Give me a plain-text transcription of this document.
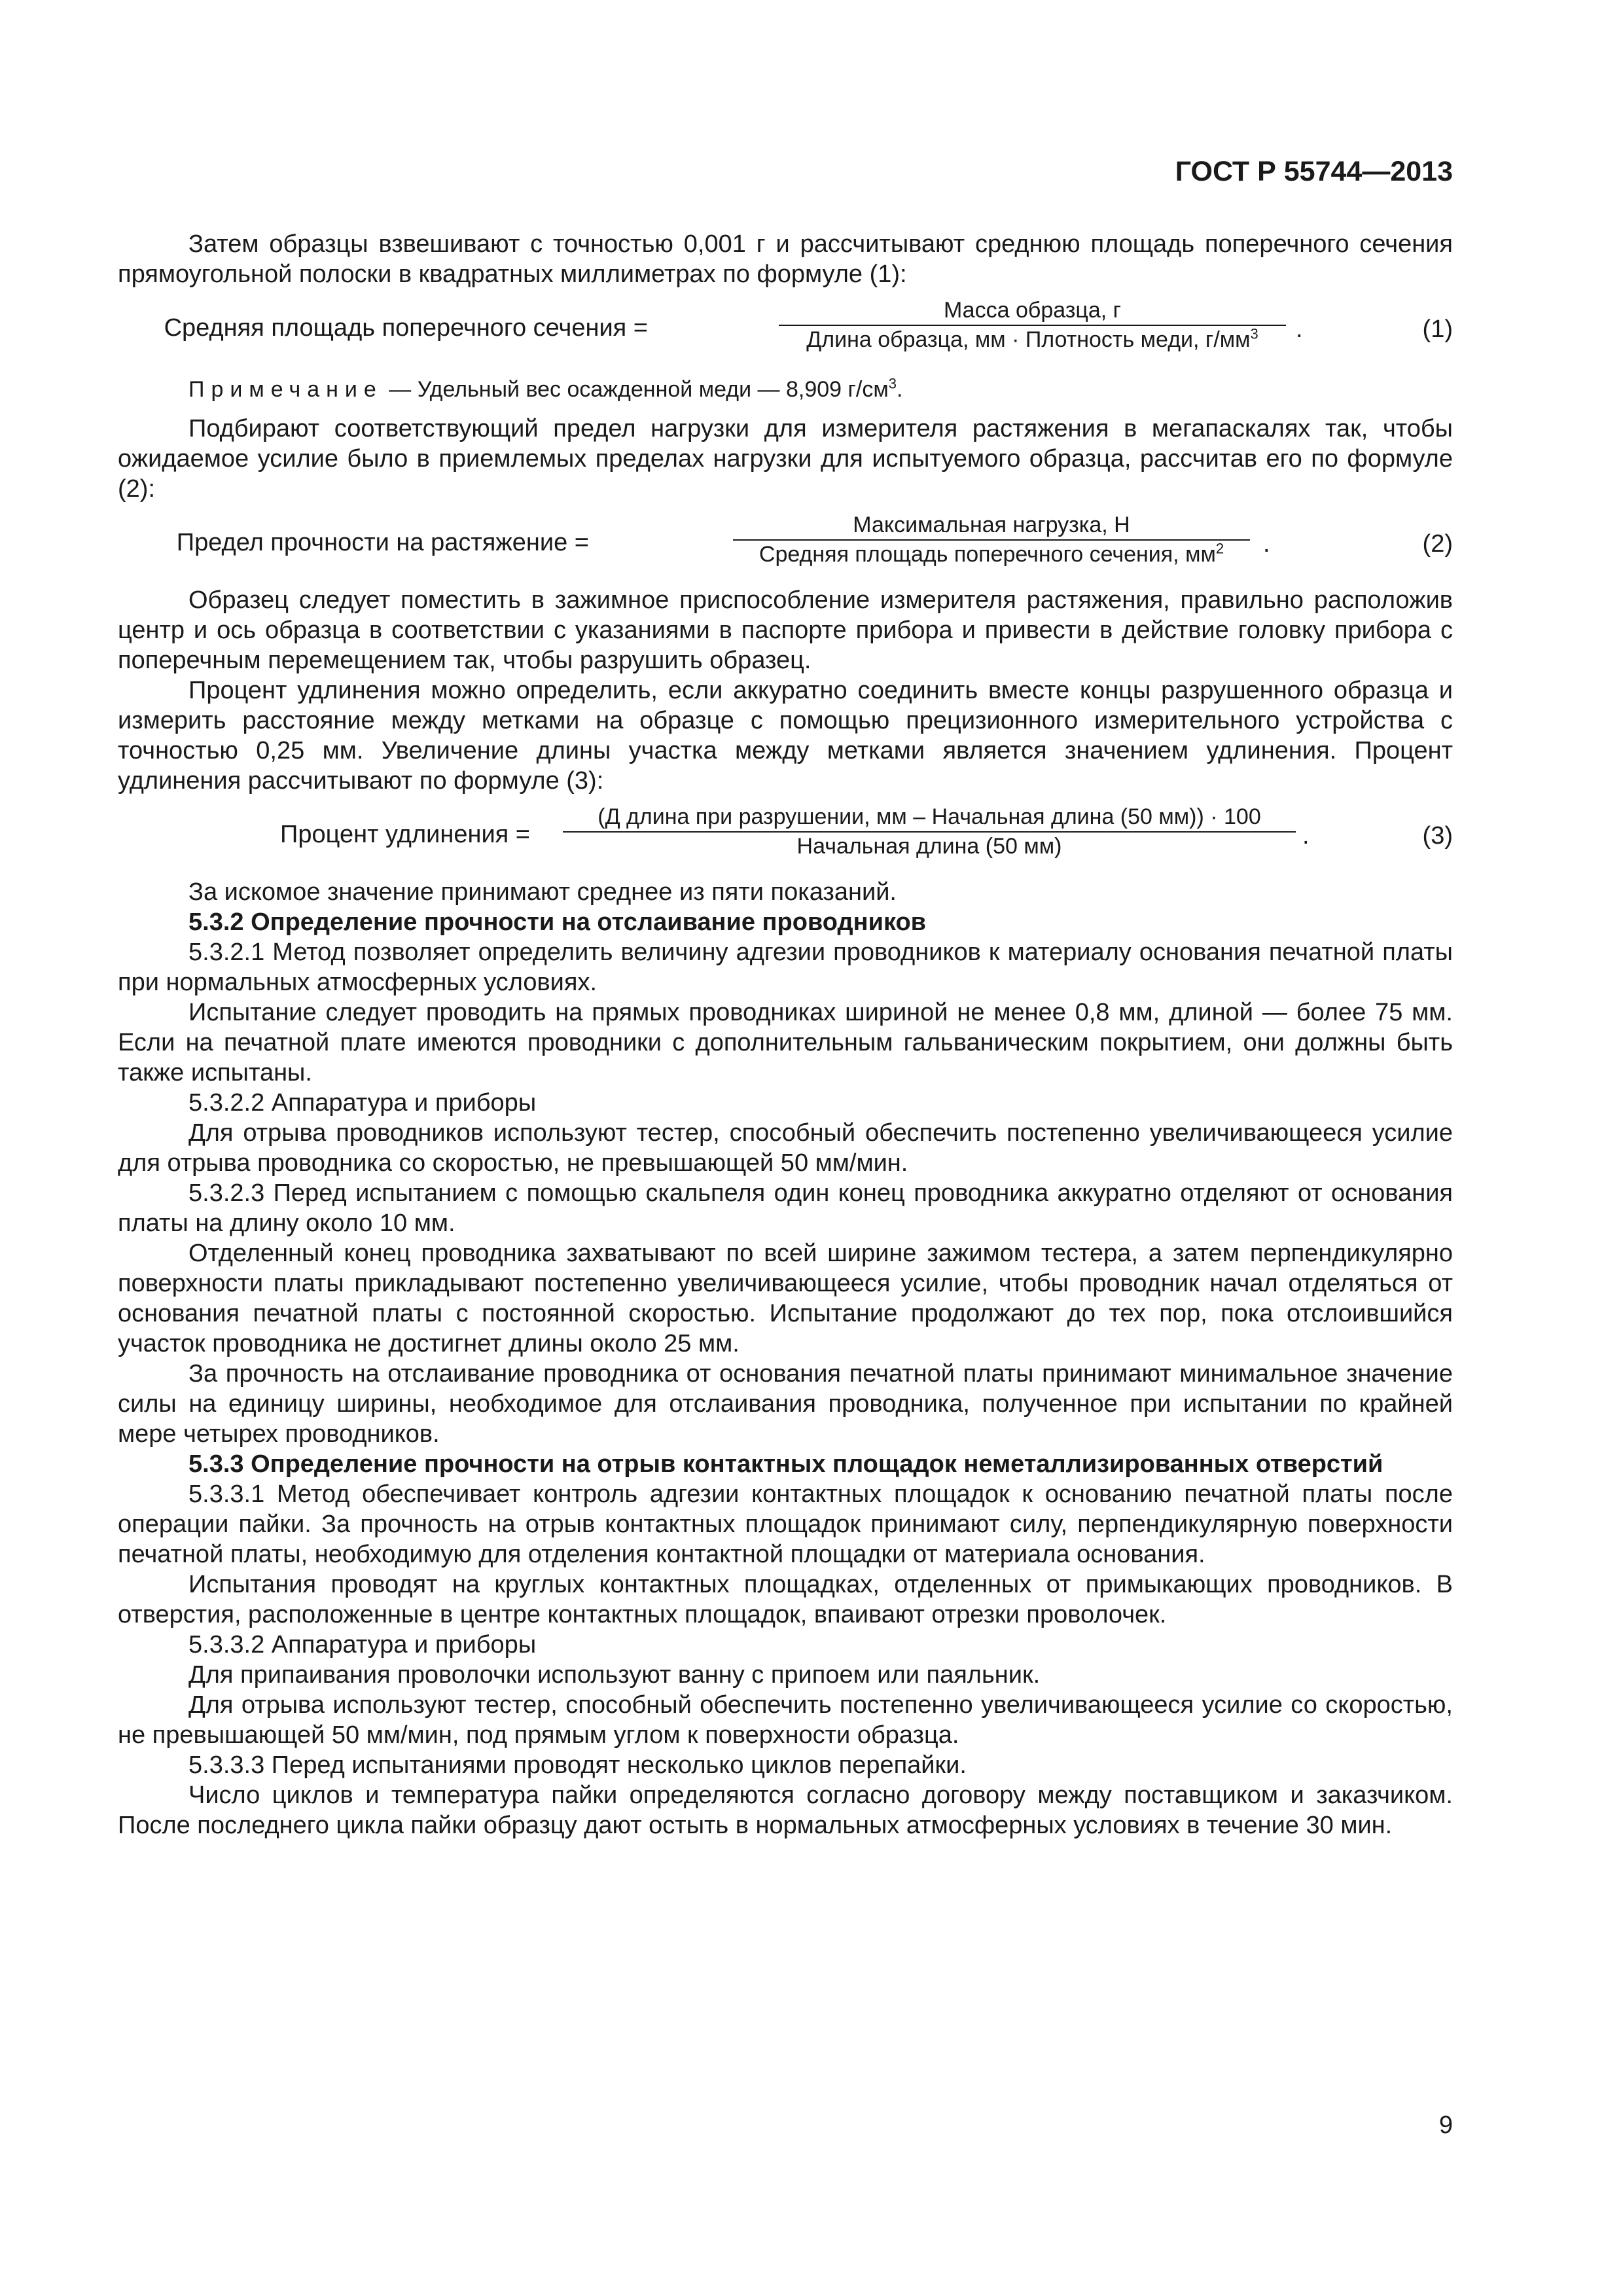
ГОСТ Р 55744—2013

Затем образцы взвешивают с точностью 0,001 г и рассчитывают среднюю площадь поперечного сечения прямоугольной полоски в квадратных миллиметрах по формуле (1):

Средняя площадь поперечного сечения =
Масса образца, г
Длина образца, мм · Плотность меди, $г/мм^3$	.	(1)
Примечание — Удельный вес осажденной меди — 8,909 $г/см^3$.

Подбирают соответствующий предел нагрузки для измерителя растяжения в мегапаскалях так, чтобы ожидаемое усилие было в приемлемых пределах нагрузки для испытуемого образца, рассчитав его по формуле (2):

Предел прочности на растяжение =
Максимальная нагрузка, Н
Средняя площадь поперечного сечения, $мм^2$	.	(2)

Образец следует поместить в зажимное приспособление измерителя растяжения, правильно расположив центр и ось образца в соответствии с указаниями в паспорте прибора и привести в действие головку прибора с поперечным перемещением так, чтобы разрушить образец.

Процент удлинения можно определить, если аккуратно соединить вместе концы разрушенного образца и измерить расстояние между метками на образце с помощью прецизионного измерительного устройства с точностью 0,25 мм. Увеличение длины участка между метками является значением удлинения. Процент удлинения рассчитывают по формуле (3):

Процент удлинения =
(Д длина при разрушении, мм – Начальная длина (50 мм)) · 100
Начальная длина (50 мм)	.	(3)

За искомое значение принимают среднее из пяти показаний.

5.3.2 Определение прочности на отслаивание проводников

5.3.2.1 Метод позволяет определить величину адгезии проводников к материалу основания печатной платы при нормальных атмосферных условиях.

Испытание следует проводить на прямых проводниках шириной не менее 0,8 мм, длиной — более 75 мм. Если на печатной плате имеются проводники с дополнительным гальваническим покрытием, они должны быть также испытаны.

5.3.2.2 Аппаратура и приборы

Для отрыва проводников используют тестер, способный обеспечить постепенно увеличивающееся усилие для отрыва проводника со скоростью, не превышающей 50 мм/мин.

5.3.2.3 Перед испытанием с помощью скальпеля один конец проводника аккуратно отделяют от основания платы на длину около 10 мм.

Отделенный конец проводника захватывают по всей ширине зажимом тестера, а затем перпендикулярно поверхности платы прикладывают постепенно увеличивающееся усилие, чтобы проводник начал отделяться от основания печатной платы с постоянной скоростью. Испытание продолжают до тех пор, пока отслоившийся участок проводника не достигнет длины около 25 мм.

За прочность на отслаивание проводника от основания печатной платы принимают минимальное значение силы на единицу ширины, необходимое для отслаивания проводника, полученное при испытании по крайней мере четырех проводников.

5.3.3 Определение прочности на отрыв контактных площадок неметаллизированных отверстий

5.3.3.1 Метод обеспечивает контроль адгезии контактных площадок к основанию печатной платы после операции пайки. За прочность на отрыв контактных площадок принимают силу, перпендикулярную поверхности печатной платы, необходимую для отделения контактной площадки от материала основания.

Испытания проводят на круглых контактных площадках, отделенных от примыкающих проводников. В отверстия, расположенные в центре контактных площадок, впаивают отрезки проволочек.

5.3.3.2 Аппаратура и приборы

Для припаивания проволочки используют ванну с припоем или паяльник.

Для отрыва используют тестер, способный обеспечить постепенно увеличивающееся усилие со скоростью, не превышающей 50 мм/мин, под прямым углом к поверхности образца.

5.3.3.3 Перед испытаниями проводят несколько циклов перепайки.

Число циклов и температура пайки определяются согласно договору между поставщиком и заказчиком. После последнего цикла пайки образцу дают остыть в нормальных атмосферных условиях в течение 30 мин.

9
